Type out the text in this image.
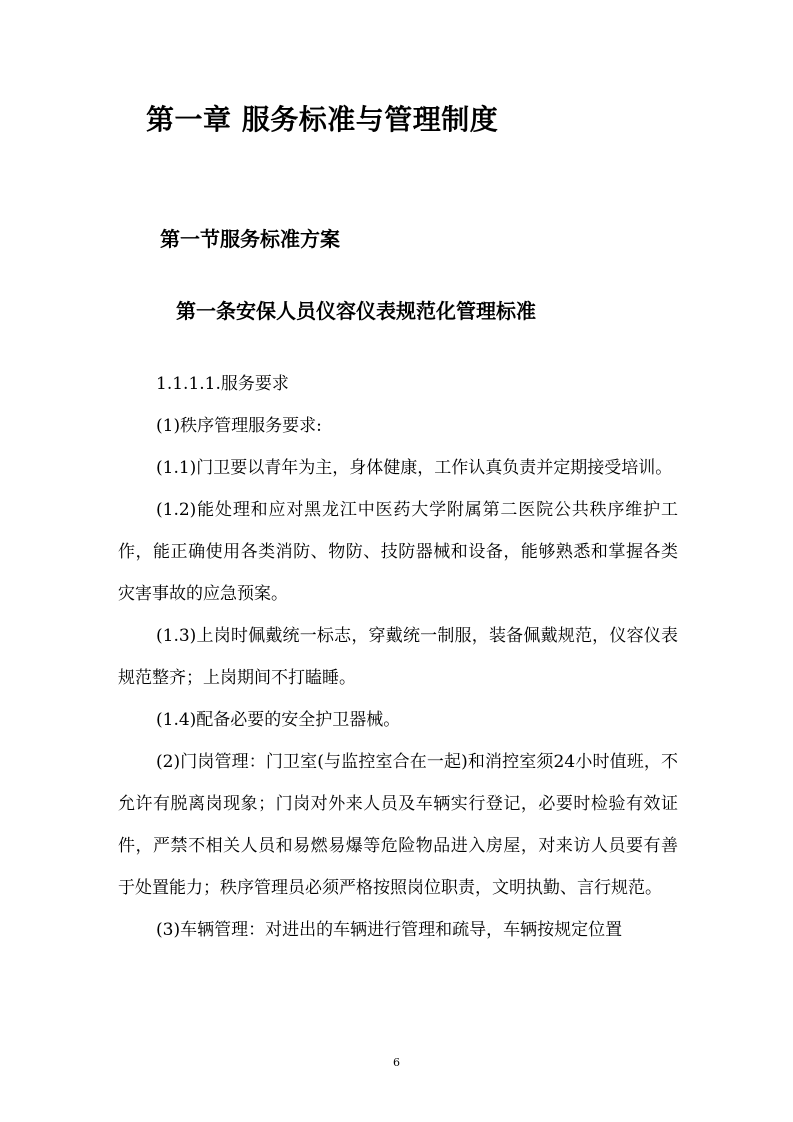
第一章 服务标准与管理制度
第一节服务标准方案
第一条安保人员仪容仪表规范化管理标准

1.1.1.1.服务要求

(1)秩序管理服务要求:

(1.1)门卫要以青年为主，身体健康，工作认真负责并定期接受培训。

(1.2)能处理和应对黑龙江中医药大学附属第二医院公共秩序维护工作，能正确使用各类消防、物防、技防器械和设备，能够熟悉和掌握各类灾害事故的应急预案。

(1.3)上岗时佩戴统一标志，穿戴统一制服，装备佩戴规范，仪容仪表规范整齐；上岗期间不打瞌睡。

(1.4)配备必要的安全护卫器械。

(2)门岗管理：门卫室(与监控室合在一起)和消控室须24小时值班，不允许有脱离岗现象；门岗对外来人员及车辆实行登记，必要时检验有效证件，严禁不相关人员和易燃易爆等危险物品进入房屋，对来访人员要有善于处置能力；秩序管理员必须严格按照岗位职责，文明执勤、言行规范。

(3)车辆管理：对进出的车辆进行管理和疏导，车辆按规定位置

6
